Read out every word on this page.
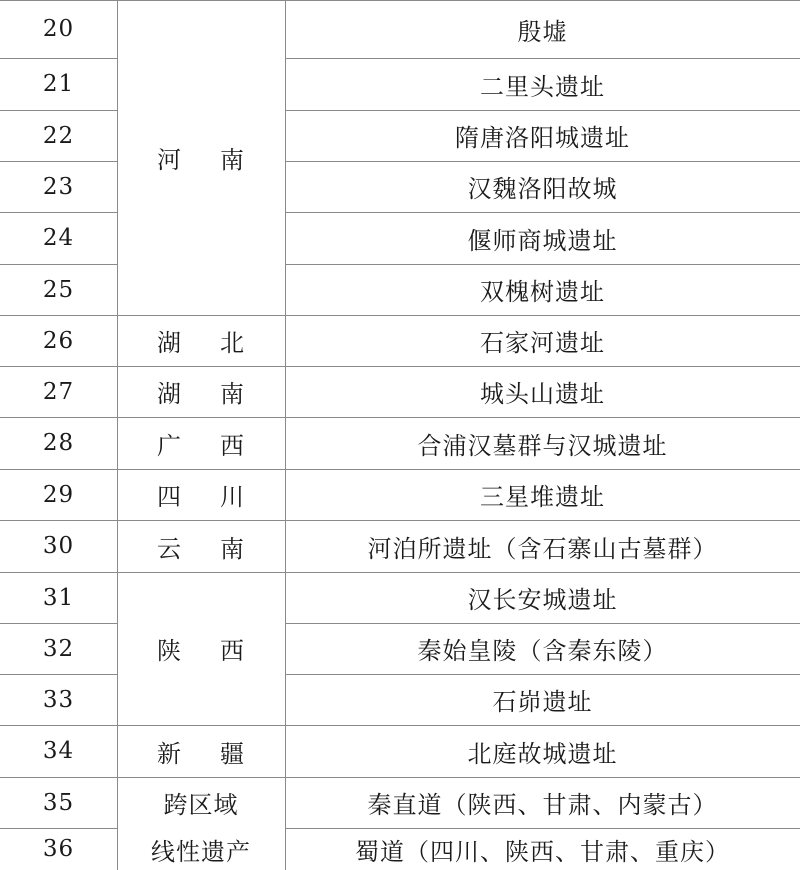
20
21
22
23
24
25
26
27
28
29
30
31
32
33
34
35
36
河 南
湖 北
湖 南
广 西
四 川
云 南
陕 西
新 疆
跨区域
线性遗产
殷墟
二里头遗址
隋唐洛阳城遗址
汉魏洛阳故城
偃师商城遗址
双槐树遗址
石家河遗址
城头山遗址
合浦汉墓群与汉城遗址
三星堆遗址
河泊所遗址（含石寨山古墓群）
汉长安城遗址
秦始皇陵（含秦东陵）
石峁遗址
北庭故城遗址
秦直道（陕西、甘肃、内蒙古）
蜀道（四川、陕西、甘肃、重庆）
